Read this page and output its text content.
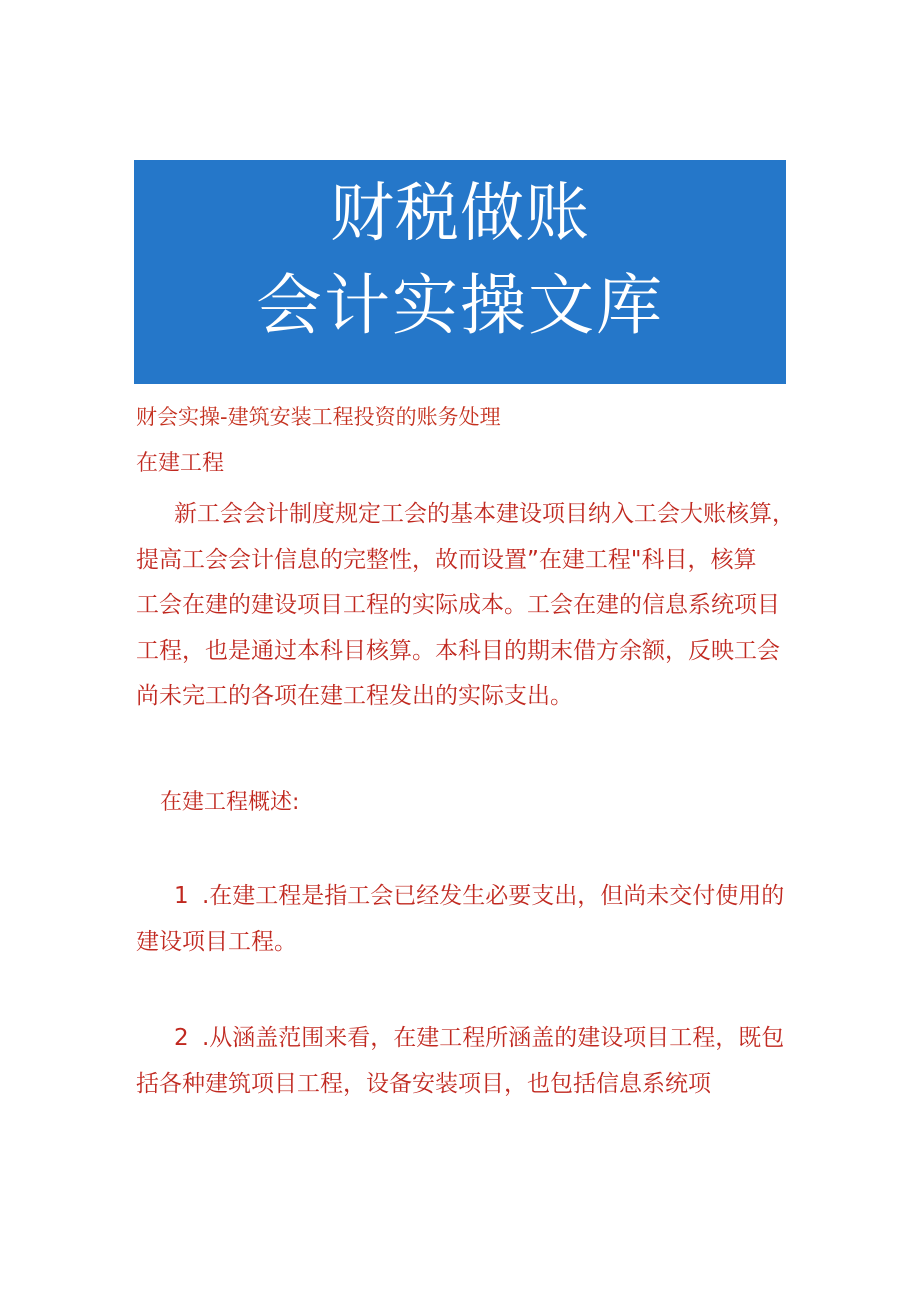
财税做账
会计实操文库
财会实操-建筑安装工程投资的账务处理
在建工程
新工会会计制度规定工会的基本建设项目纳入工会大账核算，
提高工会会计信息的完整性，故而设置”在建工程"科目，核算
工会在建的建设项目工程的实际成本。工会在建的信息系统项目
工程，也是通过本科目核算。本科目的期末借方余额，反映工会
尚未完工的各项在建工程发出的实际支出。
在建工程概述:
1 .在建工程是指工会已经发生必要支出，但尚未交付使用的
建设项目工程。
2 .从涵盖范围来看，在建工程所涵盖的建设项目工程，既包
括各种建筑项目工程，设备安装项目，也包括信息系统项
